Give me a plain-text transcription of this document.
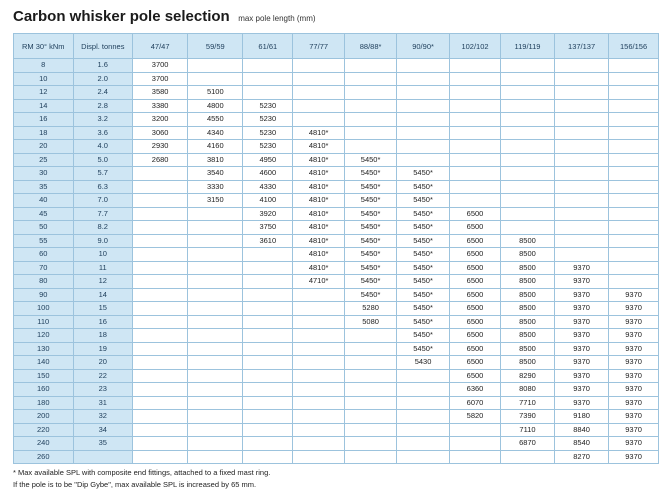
Carbon whisker pole selection max pole length (mm)
RM 30° kNm	Displ. tonnes	47/47	59/59	61/61	77/77	88/88*	90/90*	102/102	119/119	137/137	156/156
8	1.6	3700									
10	2.0	3700									
12	2.4	3580	5100								
14	2.8	3380	4800	5230							
16	3.2	3200	4550	5230							
18	3.6	3060	4340	5230	4810*						
20	4.0	2930	4160	5230	4810*						
25	5.0	2680	3810	4950	4810*	5450*					
30	5.7		3540	4600	4810*	5450*	5450*				
35	6.3		3330	4330	4810*	5450*	5450*				
40	7.0		3150	4100	4810*	5450*	5450*				
45	7.7			3920	4810*	5450*	5450*	6500			
50	8.2			3750	4810*	5450*	5450*	6500			
55	9.0			3610	4810*	5450*	5450*	6500	8500		
60	10				4810*	5450*	5450*	6500	8500		
70	11				4810*	5450*	5450*	6500	8500	9370	
80	12				4710*	5450*	5450*	6500	8500	9370	
90	14					5450*	5450*	6500	8500	9370	9370
100	15					5280	5450*	6500	8500	9370	9370
110	16					5080	5450*	6500	8500	9370	9370
120	18						5450*	6500	8500	9370	9370
130	19						5450*	6500	8500	9370	9370
140	20						5430	6500	8500	9370	9370
150	22							6500	8290	9370	9370
160	23							6360	8080	9370	9370
180	31							6070	7710	9370	9370
200	32							5820	7390	9180	9370
220	34								7110	8840	9370
240	35								6870	8540	9370
260										8270	9370
* Max available SPL with composite end fittings, attached to a fixed mast ring.
If the pole is to be "Dip Gybe", max available SPL is increased by 65 mm.
